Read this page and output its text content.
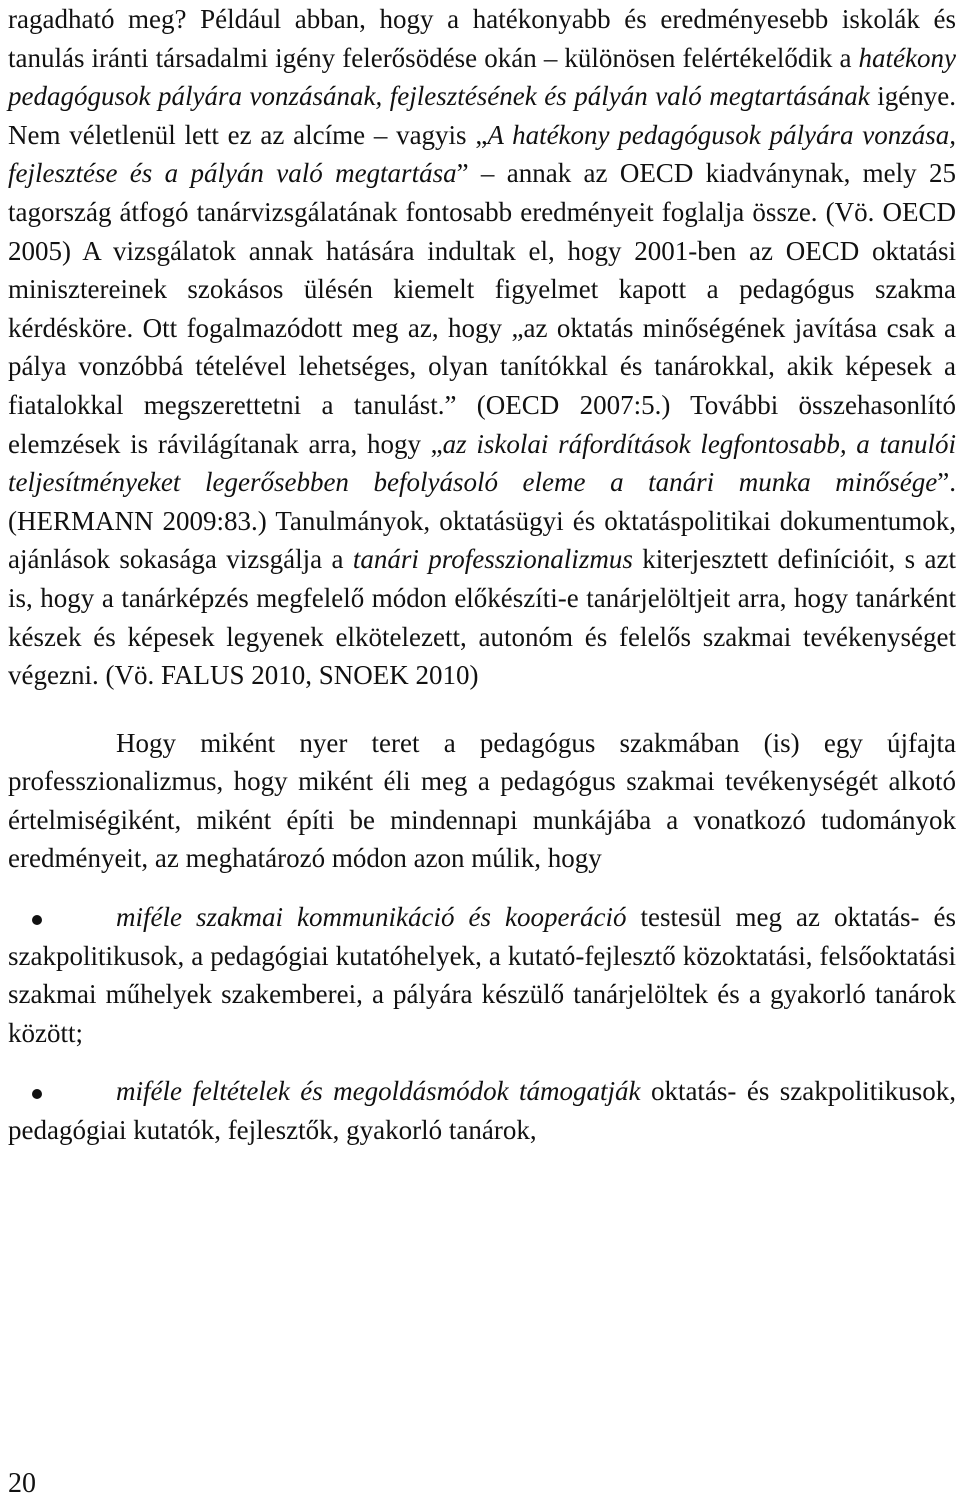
ragadható meg? Például abban, hogy a hatékonyabb és eredményesebb iskolák és tanulás iránti társadalmi igény felerősödése okán – különösen felértékelődik a hatékony pedagógusok pályára vonzásának, fejlesztésének és pályán való megtartásának igénye. Nem véletlenül lett ez az alcíme – vagyis „A hatékony pedagógusok pályára vonzása, fejlesztése és a pályán való megtartása” – annak az OECD kiadványnak, mely 25 tagország átfogó tanárvizsgálatának fontosabb eredményeit foglalja össze. (Vö. OECD 2005) A vizsgálatok annak hatására indultak el, hogy 2001-ben az OECD oktatási minisztereinek szokásos ülésén kiemelt figyelmet kapott a pedagógus szakma kérdésköre. Ott fogalmazódott meg az, hogy „az oktatás minőségének javítása csak a pálya vonzóbbá tételével lehetséges, olyan tanítókkal és tanárokkal, akik képesek a fiatalokkal megszerettetni a tanulást.” (OECD 2007:5.) További összehasonlító elemzések is rávilágítanak arra, hogy „az iskolai ráfordítások legfontosabb, a tanulói teljesítményeket legerősebben befolyásoló eleme a tanári munka minősége”. (HERMANN 2009:83.) Tanulmányok, oktatásügyi és oktatáspolitikai dokumentumok, ajánlások sokasága vizsgálja a tanári professzionalizmus kiterjesztett definícióit, s azt is, hogy a tanárképzés megfelelő módon előkészíti-e tanárjelöltjeit arra, hogy tanárként készek és képesek legyenek elkötelezett, autonóm és felelős szakmai tevékenységet végezni. (Vö. FALUS 2010, SNOEK 2010)

Hogy miként nyer teret a pedagógus szakmában (is) egy újfajta professzionalizmus, hogy miként éli meg a pedagógus szakmai tevékenységét alkotó értelmiségiként, miként építi be mindennapi munkájába a vonatkozó tudományok eredményeit, az meghatározó módon azon múlik, hogy

miféle szakmai kommunikáció és kooperáció testesül meg az oktatás- és szakpolitikusok, a pedagógiai kutatóhelyek, a kutató-fejlesztő közoktatási, felsőoktatási szakmai műhelyek szakemberei, a pályára készülő tanárjelöltek és a gyakorló tanárok között;

miféle feltételek és megoldásmódok támogatják oktatás- és szakpolitikusok, pedagógiai kutatók, fejlesztők, gyakorló tanárok,

20
